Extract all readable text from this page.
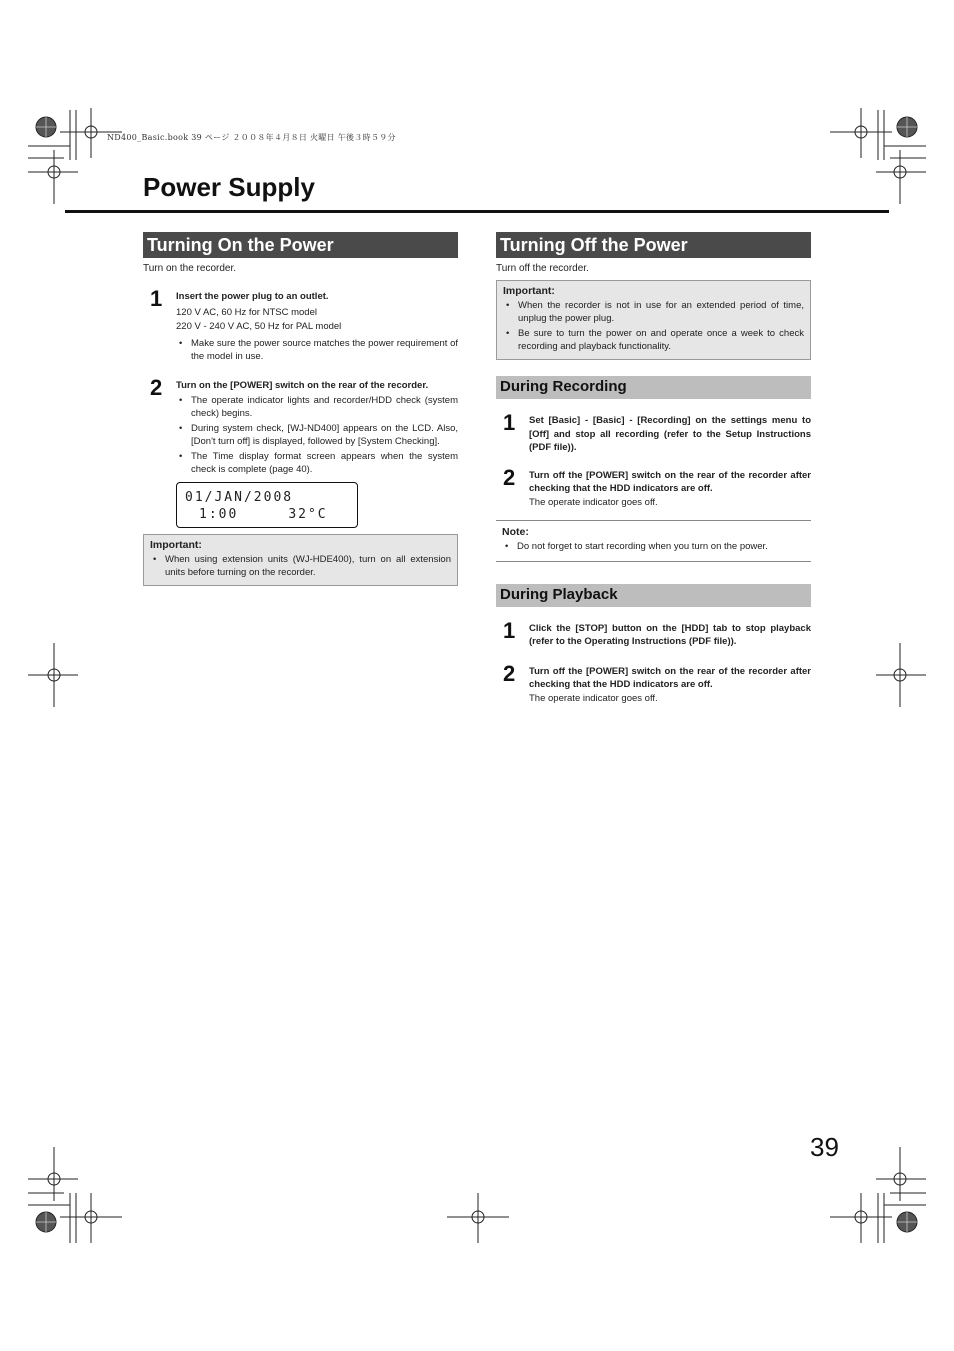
ND400_Basic.book 39 ページ ２００８年４月８日 火曜日 午後３時５９分
Power Supply
Turning On the Power
Turn on the recorder.
1 Insert the power plug to an outlet.
120 V AC, 60 Hz for NTSC model
220 V - 240 V AC, 50 Hz for PAL model
• Make sure the power source matches the power requirement of the model in use.
2 Turn on the [POWER] switch on the rear of the recorder.
• The operate indicator lights and recorder/HDD check (system check) begins.
• During system check, [WJ-ND400] appears on the LCD. Also, [Don't turn off] is displayed, followed by [System Checking].
• The Time display format screen appears when the system check is complete (page 40).
01/JAN/2008
1:00	32°C
Important:
• When using extension units (WJ-HDE400), turn on all extension units before turning on the recorder.
Turning Off the Power
Turn off the recorder.
Important:
• When the recorder is not in use for an extended period of time, unplug the power plug.
• Be sure to turn the power on and operate once a week to check recording and playback functionality.
During Recording
1 Set [Basic] - [Basic] - [Recording] on the settings menu to [Off] and stop all recording (refer to the Setup Instructions (PDF file)).
2 Turn off the [POWER] switch on the rear of the recorder after checking that the HDD indicators are off.
The operate indicator goes off.
Note:
• Do not forget to start recording when you turn on the power.
During Playback
1 Click the [STOP] button on the [HDD] tab to stop playback (refer to the Operating Instructions (PDF file)).
2 Turn off the [POWER] switch on the rear of the recorder after checking that the HDD indicators are off.
The operate indicator goes off.
39
